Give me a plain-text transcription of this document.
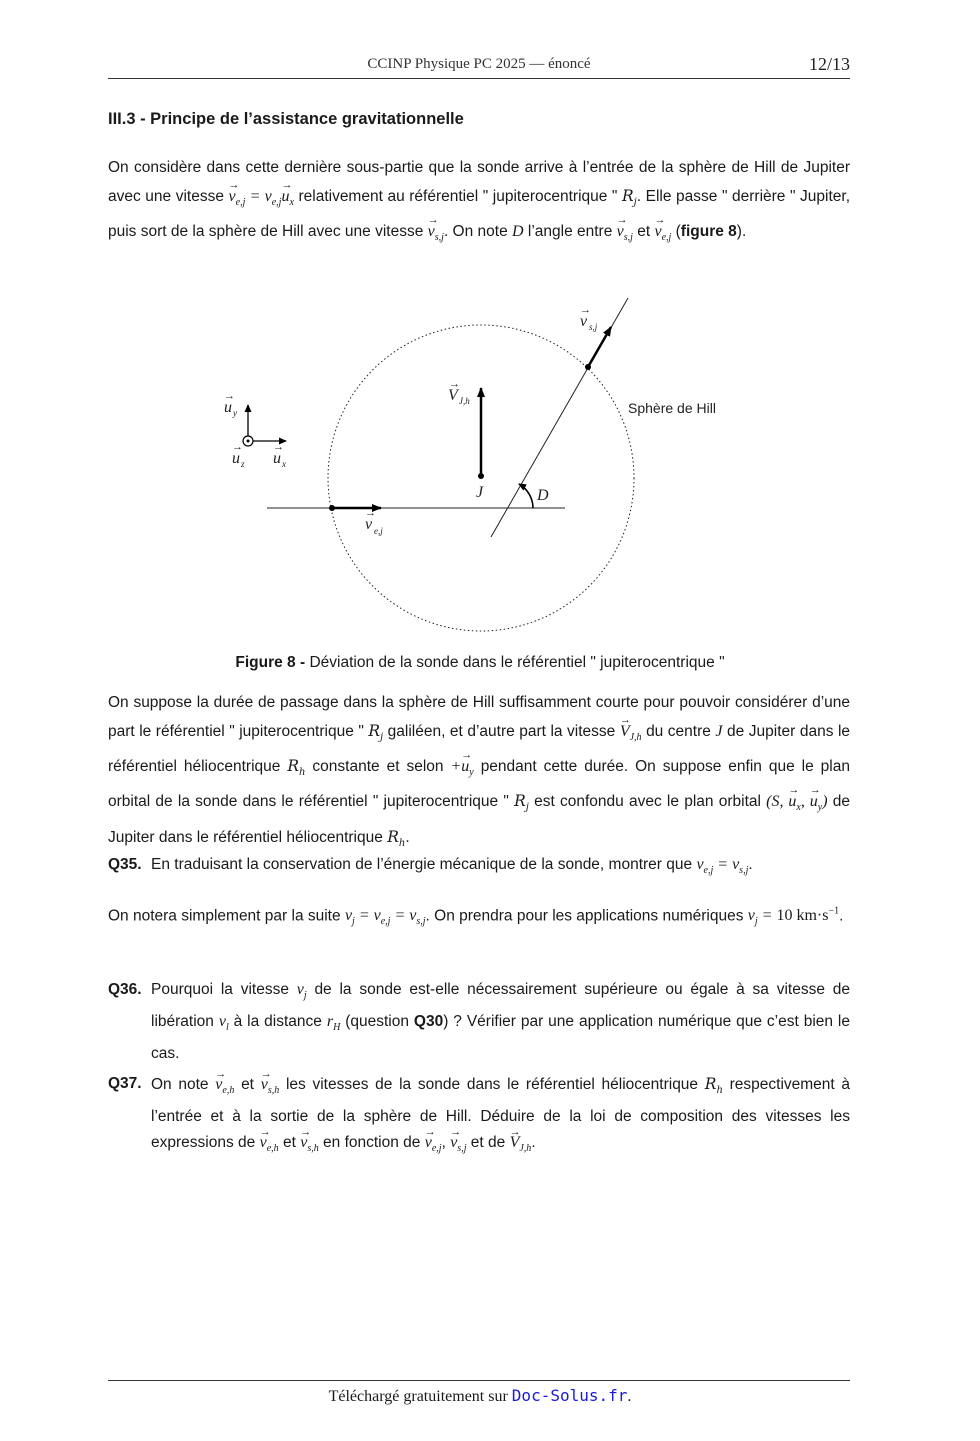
CCINP Physique PC 2025 — énoncé	12/13
III.3 - Principe de l’assistance gravitationnelle
On considère dans cette dernière sous-partie que la sonde arrive à l’entrée de la sphère de Hill de Jupiter avec une vitesse → $v_{e,j} = v_{e,j}\to u_x$ relativement au référentiel " jupiterocentrique " $R_j$. Elle passe " derrière " Jupiter, puis sort de la sphère de Hill avec une vitesse → $v_{s,j}$. On note D l’angle entre → $v_{s,j}$ et → $v_{e,j}$ (figure 8).
v
→
s,j
V
→
J,h
v
→
e,j
J	D
u
→
y
u
→
x
u
→
z
Sphère de Hill
Figure 8 - Déviation de la sonde dans le référentiel " jupiterocentrique "
On suppose la durée de passage dans la sphère de Hill suffisamment courte pour pouvoir considérer d’une part le référentiel " jupiterocentrique " $R_j$ galiléen, et d’autre part la vitesse → $V_{J,h}$ du centre J de Jupiter dans le référentiel héliocentrique $R_h$ constante et selon +→ $u_y$ pendant cette durée. On suppose enfin que le plan orbital de la sonde dans le référentiel " jupiterocentrique " $R_j$ est confondu avec le plan orbital (S, → $u_x$, → $u_y$) de Jupiter dans le référentiel héliocentrique $R_h$.
Q35. En traduisant la conservation de l’énergie mécanique de la sonde, montrer que $v_{e,j} = v_{s,j}$.
On notera simplement par la suite $v_j = v_{e,j} = v_{s,j}$. On prendra pour les applications numériques $v_j = 10$ $km\cdot s^{-1}$.
Q36. Pourquoi la vitesse $v_j$ de la sonde est-elle nécessairement supérieure ou égale à sa vitesse de libération $v_l$ à la distance $r_H$ (question Q30) ? Vérifier par une application numérique que c’est bien le cas.
Q37. On note → $v_{e,h}$ et → $v_{s,h}$ les vitesses de la sonde dans le référentiel héliocentrique $R_h$ respectivement à l’entrée et à la sortie de la sphère de Hill. Déduire de la loi de composition des vitesses les expressions de → $v_{e,h}$ et → $v_{s,h}$ en fonction de → $v_{e,j}$, → $v_{s,j}$ et de → $V_{J,h}$.
Téléchargé gratuitement sur Doc-Solus.fr.
